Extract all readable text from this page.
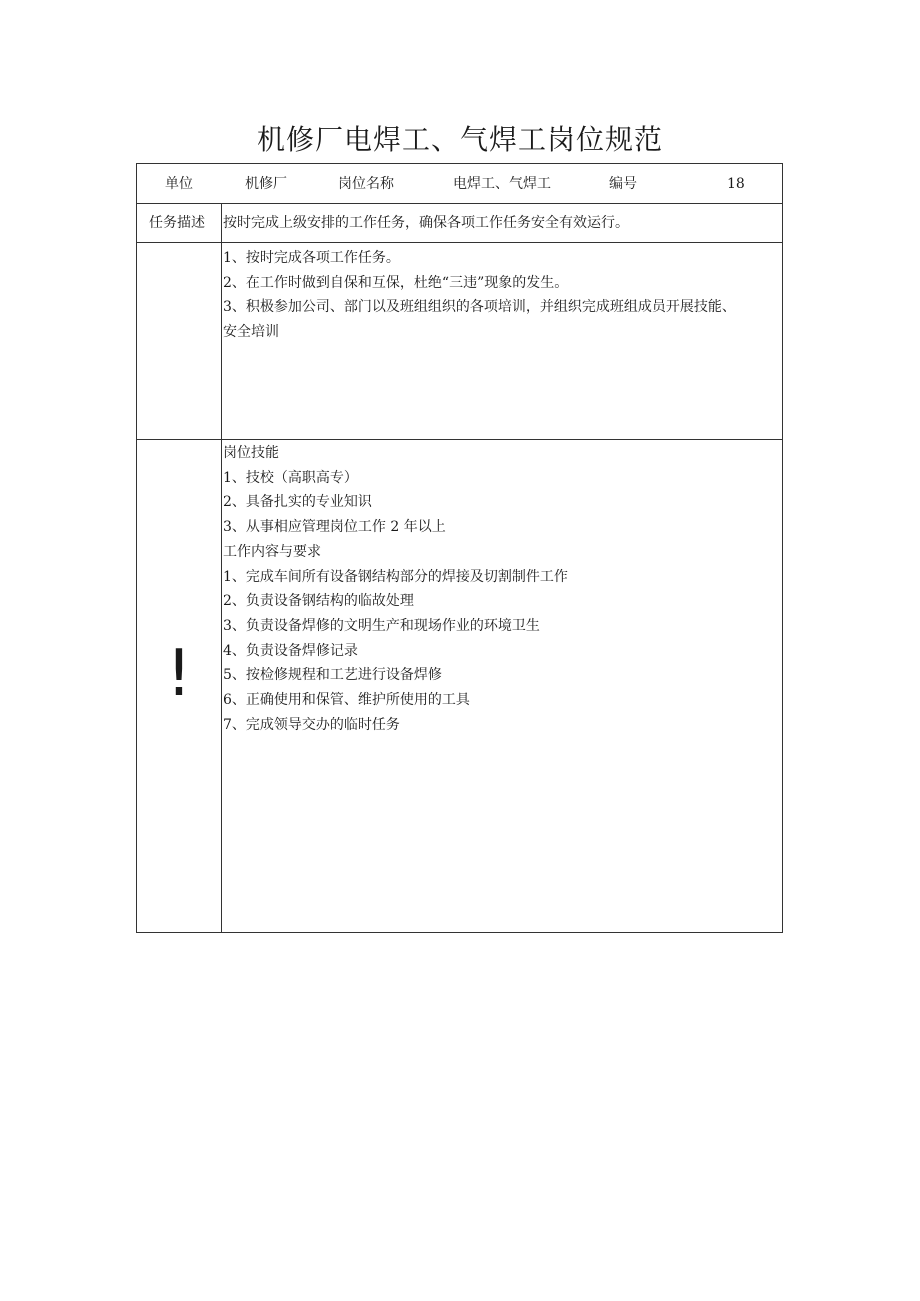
机修厂电焊工、气焊工岗位规范
单位	机修厂	岗位名称	电焊工、气焊工	编号	18
任务描述 按时完成上级安排的工作任务，确保各项工作任务安全有效运行。
1、按时完成各项工作任务。
2、在工作时做到自保和互保，杜绝“三违”现象的发生。
3、积极参加公司、部门以及班组组织的各项培训，并组织完成班组成员开展技能、
安全培训
岗位技能
1、技校（高职高专）
2、具备扎实的专业知识
3、从事相应管理岗位工作 2 年以上
工作内容与要求
1、完成车间所有设备钢结构部分的焊接及切割制件工作
2、负责设备钢结构的临故处理
3、负责设备焊修的文明生产和现场作业的环境卫生
4、负责设备焊修记录
5、按检修规程和工艺进行设备焊修
6、正确使用和保管、维护所使用的工具
7、完成领导交办的临时任务
!
